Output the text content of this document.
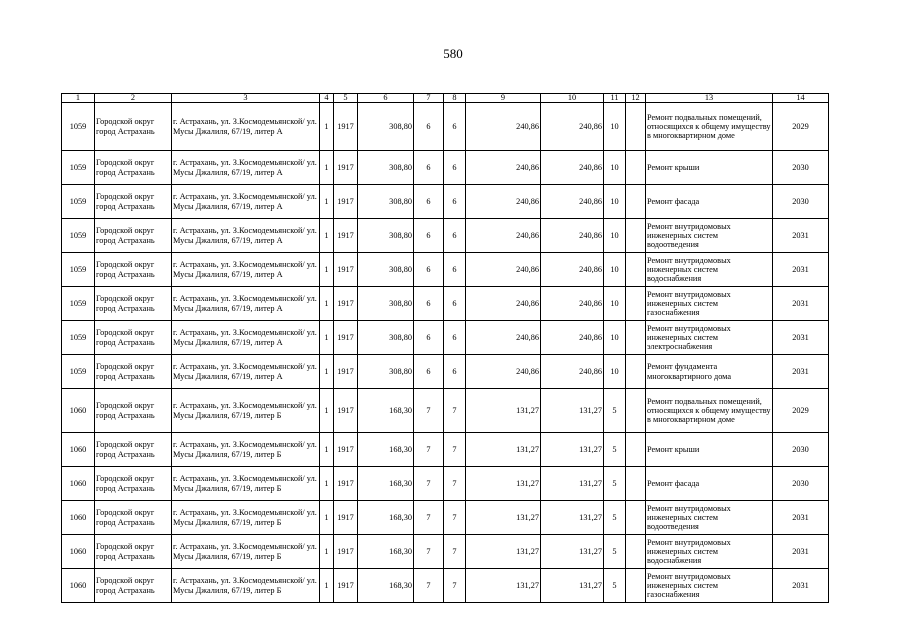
580
1	2	3	4	5	6	7	8	9	10	11	12	13	14
1059	Городской округ город Астрахань	г. Астрахань, ул. З.Космодемьянской/ ул. Мусы Джалиля, 67/19, литер А	1	1917	308,80	6	6	240,86	240,86	10		Ремонт подвальных помещений, относящихся к общему имуществу в многоквартирном доме	2029
1059	Городской округ город Астрахань	г. Астрахань, ул. З.Космодемьянской/ ул. Мусы Джалиля, 67/19, литер А	1	1917	308,80	6	6	240,86	240,86	10		Ремонт крыши	2030
1059	Городской округ город Астрахань	г. Астрахань, ул. З.Космодемьянской/ ул. Мусы Джалиля, 67/19, литер А	1	1917	308,80	6	6	240,86	240,86	10		Ремонт фасада	2030
1059	Городской округ город Астрахань	г. Астрахань, ул. З.Космодемьянской/ ул. Мусы Джалиля, 67/19, литер А	1	1917	308,80	6	6	240,86	240,86	10		Ремонт внутридомовых инженерных систем водоотведения	2031
1059	Городской округ город Астрахань	г. Астрахань, ул. З.Космодемьянской/ ул. Мусы Джалиля, 67/19, литер А	1	1917	308,80	6	6	240,86	240,86	10		Ремонт внутридомовых инженерных систем водоснабжения	2031
1059	Городской округ город Астрахань	г. Астрахань, ул. З.Космодемьянской/ ул. Мусы Джалиля, 67/19, литер А	1	1917	308,80	6	6	240,86	240,86	10		Ремонт внутридомовых инженерных систем газоснабжения	2031
1059	Городской округ город Астрахань	г. Астрахань, ул. З.Космодемьянской/ ул. Мусы Джалиля, 67/19, литер А	1	1917	308,80	6	6	240,86	240,86	10		Ремонт внутридомовых инженерных систем электроснабжения	2031
1059	Городской округ город Астрахань	г. Астрахань, ул. З.Космодемьянской/ ул. Мусы Джалиля, 67/19, литер А	1	1917	308,80	6	6	240,86	240,86	10		Ремонт фундамента многоквартирного дома	2031
1060	Городской округ город Астрахань	г. Астрахань, ул. З.Космодемьянской/ ул. Мусы Джалиля, 67/19, литер Б	1	1917	168,30	7	7	131,27	131,27	5		Ремонт подвальных помещений, относящихся к общему имуществу в многоквартирном доме	2029
1060	Городской округ город Астрахань	г. Астрахань, ул. З.Космодемьянской/ ул. Мусы Джалиля, 67/19, литер Б	1	1917	168,30	7	7	131,27	131,27	5		Ремонт крыши	2030
1060	Городской округ город Астрахань	г. Астрахань, ул. З.Космодемьянской/ ул. Мусы Джалиля, 67/19, литер Б	1	1917	168,30	7	7	131,27	131,27	5		Ремонт фасада	2030
1060	Городской округ город Астрахань	г. Астрахань, ул. З.Космодемьянской/ ул. Мусы Джалиля, 67/19, литер Б	1	1917	168,30	7	7	131,27	131,27	5		Ремонт внутридомовых инженерных систем водоотведения	2031
1060	Городской округ город Астрахань	г. Астрахань, ул. З.Космодемьянской/ ул. Мусы Джалиля, 67/19, литер Б	1	1917	168,30	7	7	131,27	131,27	5		Ремонт внутридомовых инженерных систем водоснабжения	2031
1060	Городской округ город Астрахань	г. Астрахань, ул. З.Космодемьянской/ ул. Мусы Джалиля, 67/19, литер Б	1	1917	168,30	7	7	131,27	131,27	5		Ремонт внутридомовых инженерных систем газоснабжения	2031
